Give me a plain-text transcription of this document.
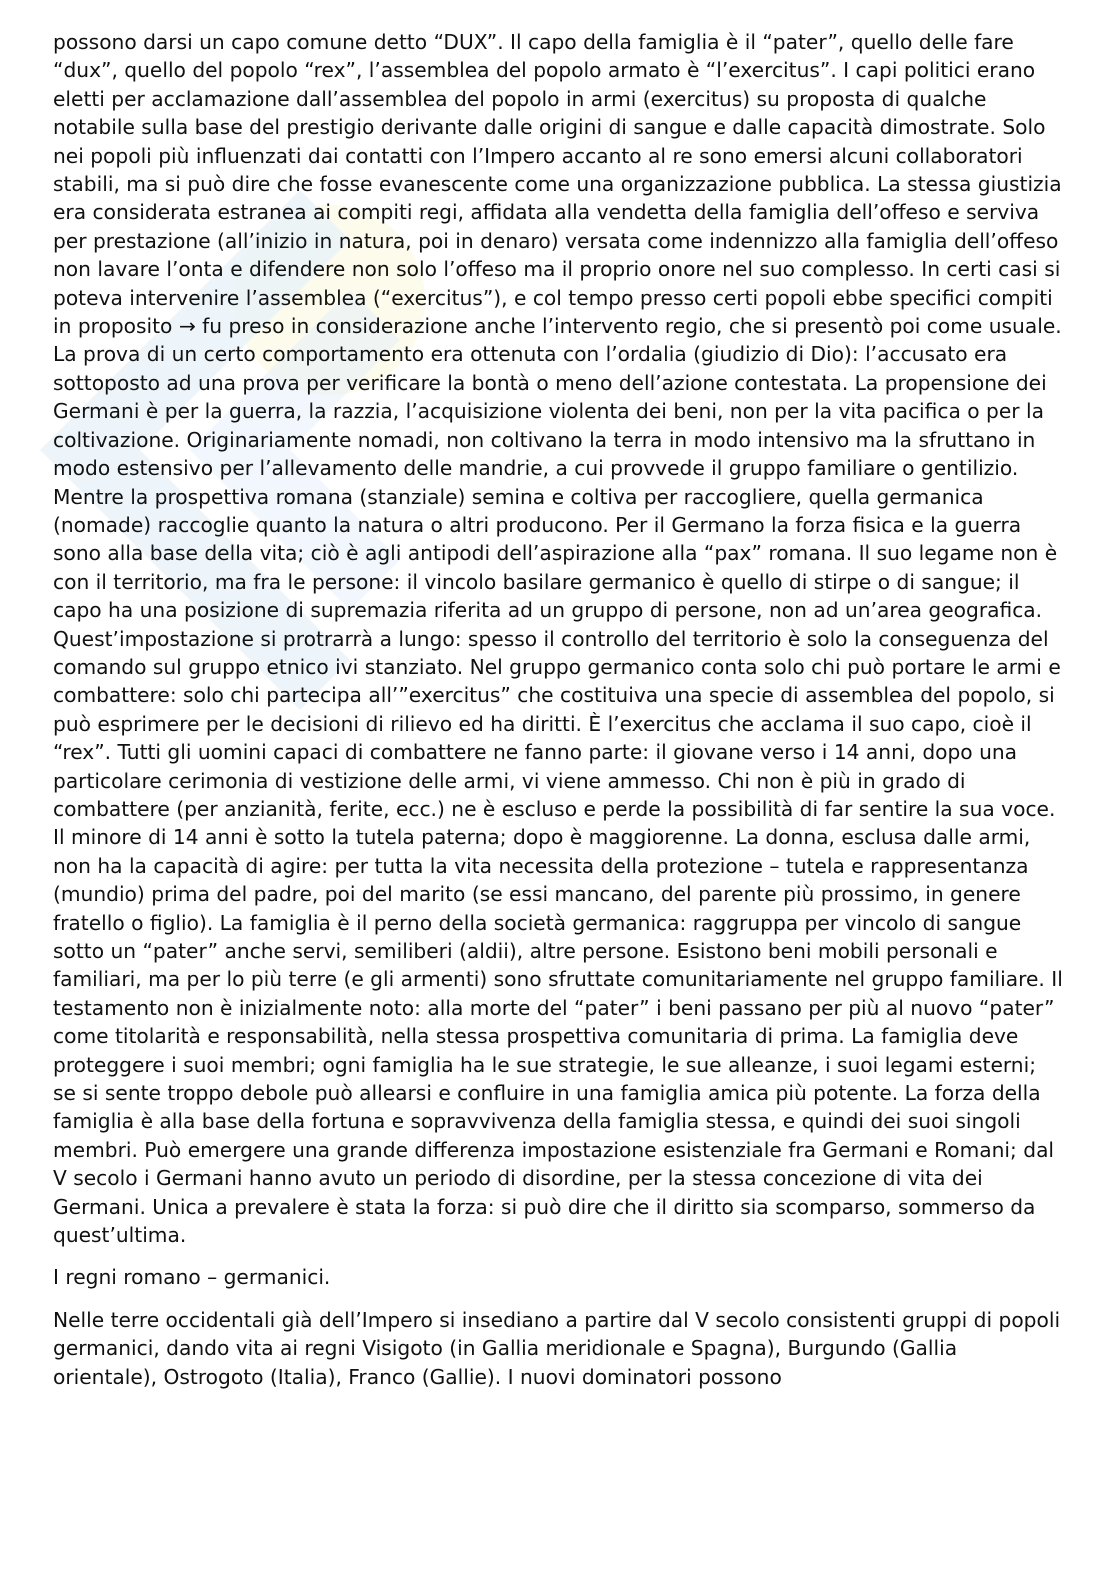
possono darsi un capo comune detto “DUX”. Il capo della famiglia è il “pater”, quello delle fare “dux”, quello del popolo “rex”, l’assemblea del popolo armato è “l’exercitus”. I capi politici erano eletti per acclamazione dall’assemblea del popolo in armi (exercitus) su proposta di qualche notabile sulla base del prestigio derivante dalle origini di sangue e dalle capacità dimostrate. Solo nei popoli più influenzati dai contatti con l’Impero accanto al re sono emersi alcuni collaboratori stabili, ma si può dire che fosse evanescente come una organizzazione pubblica. La stessa giustizia era considerata estranea ai compiti regi, affidata alla vendetta della famiglia dell’offeso e serviva per prestazione (all’inizio in natura, poi in denaro) versata come indennizzo alla famiglia dell’offeso non lavare l’onta e difendere non solo l’offeso ma il proprio onore nel suo complesso. In certi casi si poteva intervenire l’assemblea (“exercitus”), e col tempo presso certi popoli ebbe specifici compiti in proposito → fu preso in considerazione anche l’intervento regio, che si presentò poi come usuale. La prova di un certo comportamento era ottenuta con l’ordalia (giudizio di Dio): l’accusato era sottoposto ad una prova per verificare la bontà o meno dell’azione contestata. La propensione dei Germani è per la guerra, la razzia, l’acquisizione violenta dei beni, non per la vita pacifica o per la coltivazione. Originariamente nomadi, non coltivano la terra in modo intensivo ma la sfruttano in modo estensivo per l’allevamento delle mandrie, a cui provvede il gruppo familiare o gentilizio. Mentre la prospettiva romana (stanziale) semina e coltiva per raccogliere, quella germanica (nomade) raccoglie quanto la natura o altri producono. Per il Germano la forza fisica e la guerra sono alla base della vita; ciò è agli antipodi dell’aspirazione alla “pax” romana. Il suo legame non è con il territorio, ma fra le persone: il vincolo basilare germanico è quello di stirpe o di sangue; il capo ha una posizione di supremazia riferita ad un gruppo di persone, non ad un’area geografica. Quest’impostazione si protrarrà a lungo: spesso il controllo del territorio è solo la conseguenza del comando sul gruppo etnico ivi stanziato. Nel gruppo germanico conta solo chi può portare le armi e combattere: solo chi partecipa all’”exercitus” che costituiva una specie di assemblea del popolo, si può esprimere per le decisioni di rilievo ed ha diritti. È l’exercitus che acclama il suo capo, cioè il “rex”. Tutti gli uomini capaci di combattere ne fanno parte: il giovane verso i 14 anni, dopo una particolare cerimonia di vestizione delle armi, vi viene ammesso. Chi non è più in grado di combattere (per anzianità, ferite, ecc.) ne è escluso e perde la possibilità di far sentire la sua voce. Il minore di 14 anni è sotto la tutela paterna; dopo è maggiorenne. La donna, esclusa dalle armi, non ha la capacità di agire: per tutta la vita necessita della protezione – tutela e rappresentanza (mundio) prima del padre, poi del marito (se essi mancano, del parente più prossimo, in genere fratello o figlio). La famiglia è il perno della società germanica: raggruppa per vincolo di sangue sotto un “pater” anche servi, semiliberi (aldii), altre persone. Esistono beni mobili personali e familiari, ma per lo più terre (e gli armenti) sono sfruttate comunitariamente nel gruppo familiare. Il testamento non è inizialmente noto: alla morte del “pater” i beni passano per più al nuovo “pater” come titolarità e responsabilità, nella stessa prospettiva comunitaria di prima. La famiglia deve proteggere i suoi membri; ogni famiglia ha le sue strategie, le sue alleanze, i suoi legami esterni; se si sente troppo debole può allearsi e confluire in una famiglia amica più potente. La forza della famiglia è alla base della fortuna e sopravvivenza della famiglia stessa, e quindi dei suoi singoli membri. Può emergere una grande differenza impostazione esistenziale fra Germani e Romani; dal V secolo i Germani hanno avuto un periodo di disordine, per la stessa concezione di vita dei Germani. Unica a prevalere è stata la forza: si può dire che il diritto sia scomparso, sommerso da quest’ultima.

I regni romano – germanici.

Nelle terre occidentali già dell’Impero si insediano a partire dal V secolo consistenti gruppi di popoli germanici, dando vita ai regni Visigoto (in Gallia meridionale e Spagna), Burgundo (Gallia orientale), Ostrogoto (Italia), Franco (Gallie). I nuovi dominatori possono
